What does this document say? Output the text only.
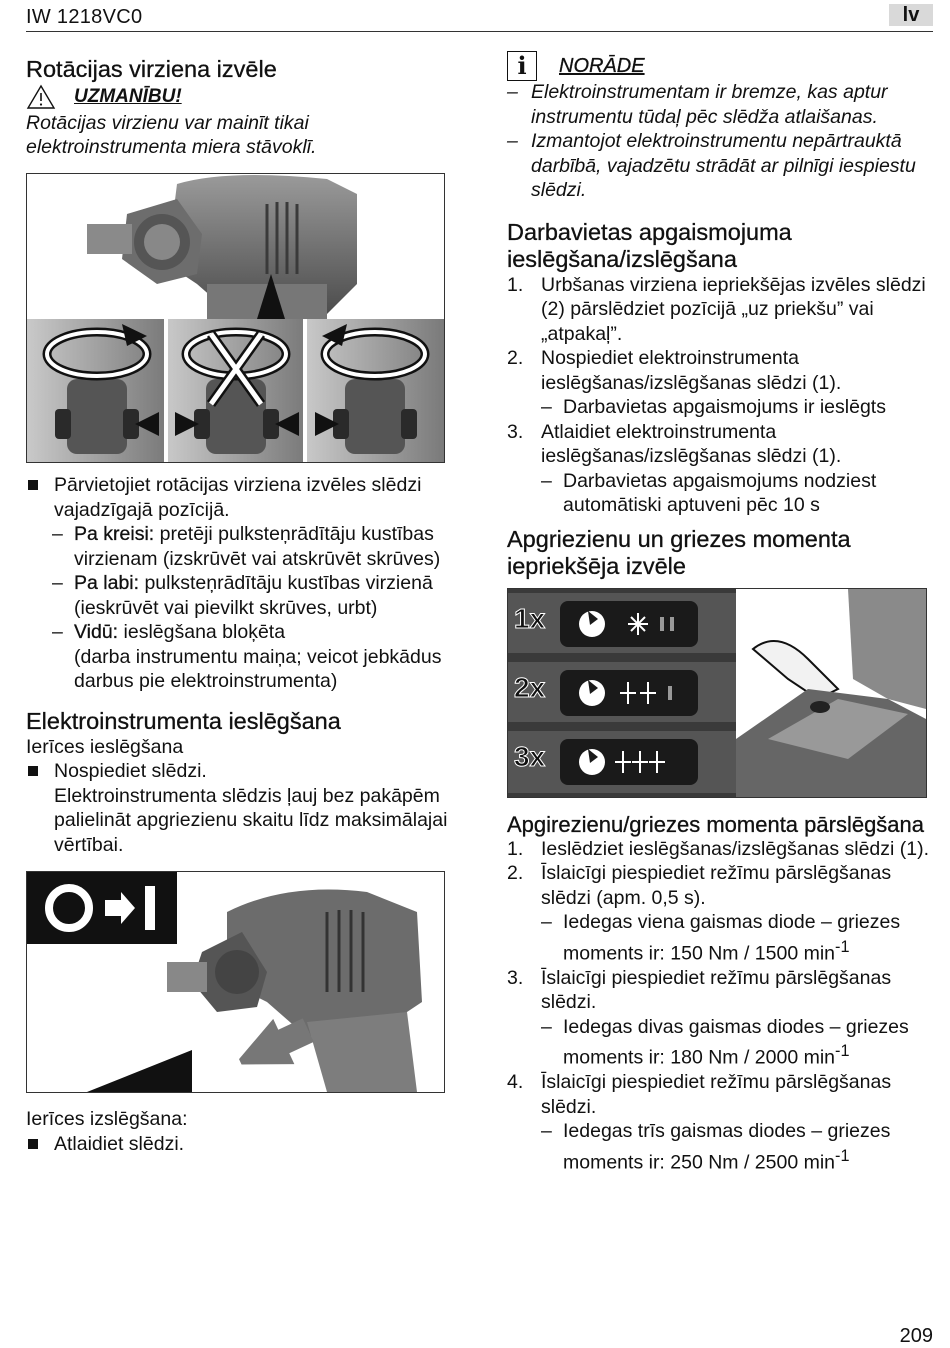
IW 1218VC0	lv
Rotācijas virziena izvēle
UZMANĪBU!

Rotācijas virzienu var mainīt tikai elektroinstrumenta miera stāvoklī.

Pārvietojiet rotācijas virziena izvēles slēdzi vajadzīgajā pozīcijā.
– Pa kreisi: pretēji pulksteņrādītāju kustības virzienam (izskrūvēt vai atskrūvēt skrūves)
– Pa labi: pulksteņrādītāju kustības virzienā
(ieskrūvēt vai pievilkt skrūves, urbt)
– Vidū: ieslēgšana bloķēta
(darba instrumentu maiņa; veicot jebkādus darbus pie elektroinstrumenta)
Elektroinstrumenta ieslēgšana

Ierīces ieslēgšana

Nospiediet slēdzi.
Elektroinstrumenta slēdzis ļauj bez pakāpēm palielināt apgriezienu skaitu līdz maksimālajai vērtībai.

Ierīces izslēgšana:

Atlaidiet slēdzi.
i	NORĀDE
– Elektroinstrumentam ir bremze, kas aptur instrumentu tūdaļ pēc slēdža atlaišanas.
– Izmantojot elektroinstrumentu nepārtrauktā darbībā, vajadzētu strādāt ar pilnīgi iespiestu slēdzi.
Darbavietas apgaismojuma ieslēgšana/izslēgšana
1. Urbšanas virziena iepriekšējas izvēles slēdzi (2) pārslēdziet pozīcijā „uz priekšu” vai „atpakaļ”.
2. Nospiediet elektroinstrumenta ieslēgšanas/izslēgšanas slēdzi (1).
– Darbavietas apgaismojums ir ieslēgts
3. Atlaidiet elektroinstrumenta ieslēgšanas/izslēgšanas slēdzi (1).
– Darbavietas apgaismojums nodziest automātiski aptuveni pēc 10 s
Apgriezienu un griezes momenta iepriekšēja izvēle
1x
2x
3x
Apgirezienu/griezes momenta pārslēgšana
1. Ieslēdziet ieslēgšanas/izslēgšanas slēdzi (1).
2. Īslaicīgi piespiediet režīmu pārslēgšanas slēdzi (apm. 0,5 s).
– Iedegas viena gaismas diode – griezes moments ir: 150 Nm / 1500 $\min^{-1}$
3. Īslaicīgi piespiediet režīmu pārslēgšanas slēdzi.
– Iedegas divas gaismas diodes – griezes moments ir: 180 Nm / 2000 $\min^{-1}$
4. Īslaicīgi piespiediet režīmu pārslēgšanas slēdzi.
– Iedegas trīs gaismas diodes – griezes moments ir: 250 Nm / 2500 $\min^{-1}$
209
